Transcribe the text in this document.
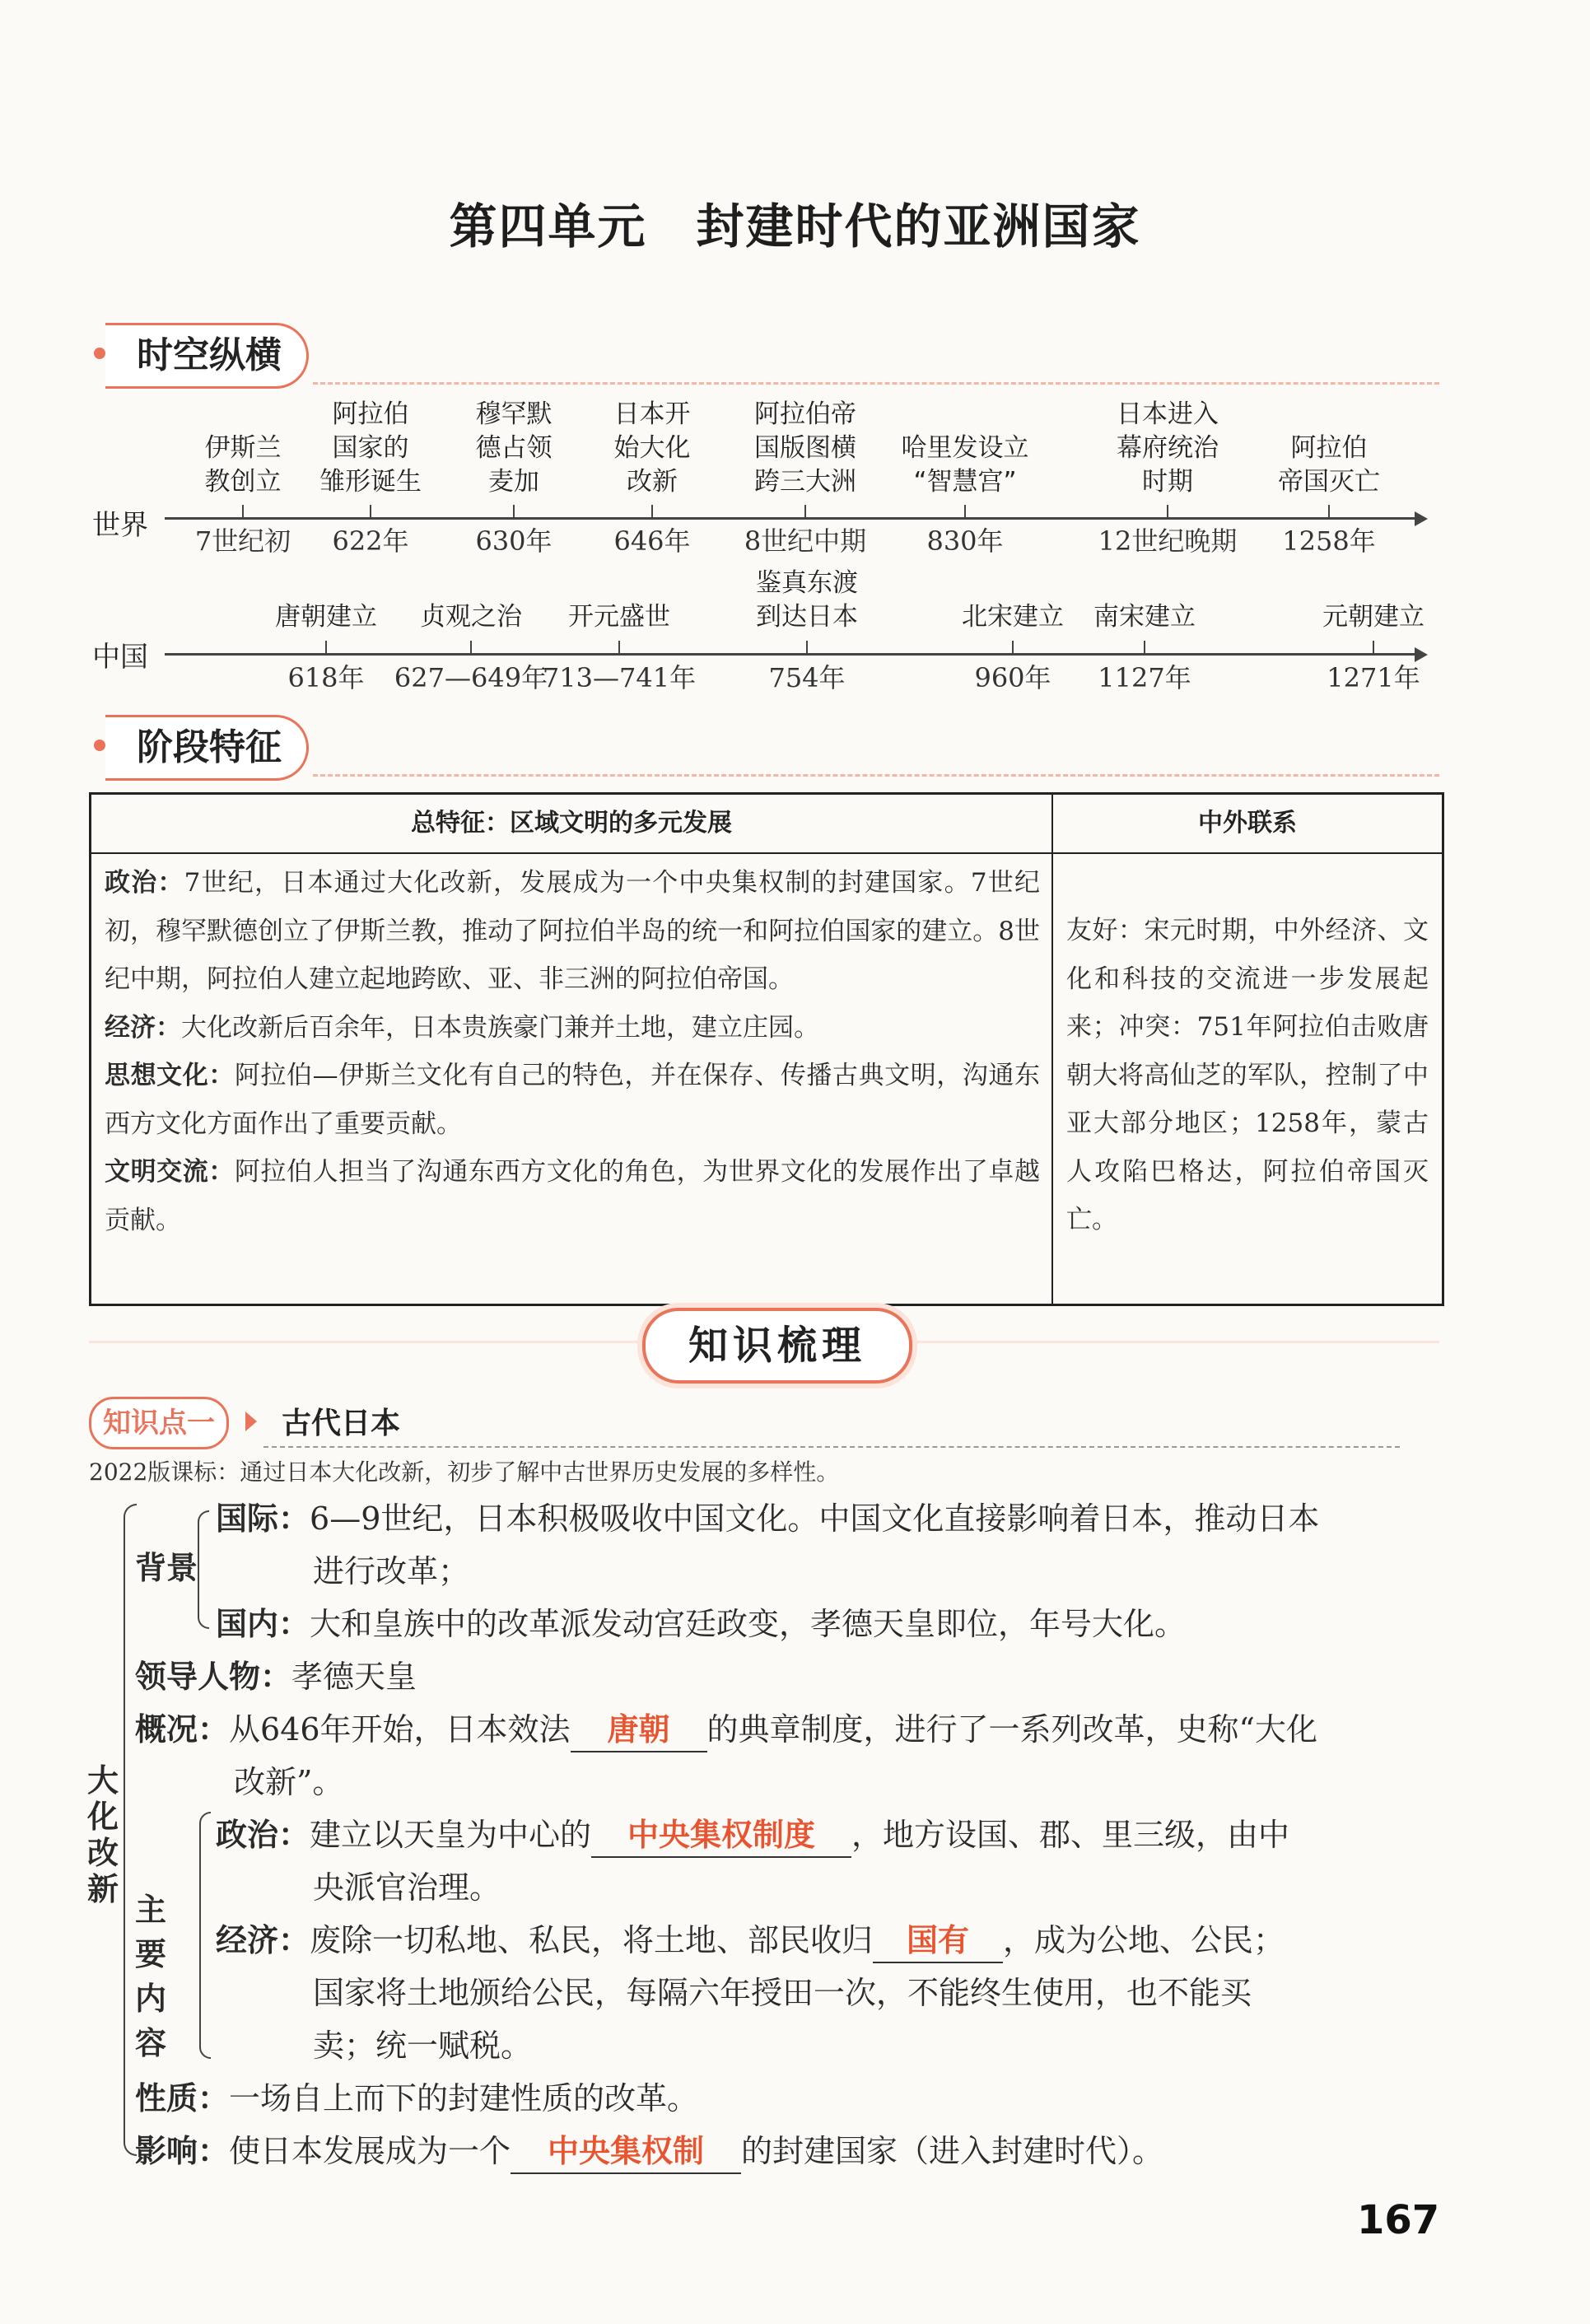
第四单元 封建时代的亚洲国家
时空纵横
世界
伊斯兰
教创立
7世纪初
阿拉伯
国家的
雏形诞生
622年
穆罕默
德占领
麦加
630年
日本开
始大化
改新
646年
阿拉伯帝
国版图横
跨三大洲
8世纪中期
哈里发设立
“智慧宫”
830年
日本进入
幕府统治
时期
12世纪晚期
阿拉伯
帝国灭亡
1258年
中国
唐朝建立
618年
贞观之治
627—649年
开元盛世
713—741年
鉴真东渡
到达日本
754年
北宋建立
960年
南宋建立
1127年
元朝建立
1271年
阶段特征
总特征：区域文明的多元发展	中外联系
政治：7世纪，日本通过大化改新，发展成为一个中央集权制的封建国家。7世纪初，穆罕默德创立了伊斯兰教，推动了阿拉伯半岛的统一和阿拉伯国家的建立。8世纪中期，阿拉伯人建立起地跨欧、亚、非三洲的阿拉伯帝国。
经济：大化改新后百余年，日本贵族豪门兼并土地，建立庄园。
思想文化：阿拉伯—伊斯兰文化有自己的特色，并在保存、传播古典文明，沟通东西方文化方面作出了重要贡献。
文明交流：阿拉伯人担当了沟通东西方文化的角色，为世界文化的发展作出了卓越贡献。
友好：宋元时期，中外经济、文化和科技的交流进一步发展起来；冲突：751年阿拉伯击败唐朝大将高仙芝的军队，控制了中亚大部分地区；1258年，蒙古人攻陷巴格达，阿拉伯帝国灭亡。
知识梳理
知识点一	古代日本
2022版课标：通过日本大化改新，初步了解中古世界历史发展的多样性。
大化改新
背景
国际：6—9世纪，日本积极吸收中国文化。中国文化直接影响着日本，推动日本
进行改革；
国内：大和皇族中的改革派发动宫廷政变，孝德天皇即位，年号大化。
领导人物：孝德天皇
概况：从646年开始，日本效法 唐朝 的典章制度，进行了一系列改革，史称“大化
改新”。
主要内容
政治：建立以天皇为中心的 中央集权制度 ，地方设国、郡、里三级，由中
央派官治理。
经济：废除一切私地、私民，将土地、部民收归 国有 ，成为公地、公民；
国家将土地颁给公民，每隔六年授田一次，不能终生使用，也不能买
卖；统一赋税。
性质：一场自上而下的封建性质的改革。
影响：使日本发展成为一个 中央集权制 的封建国家（进入封建时代）。
167
